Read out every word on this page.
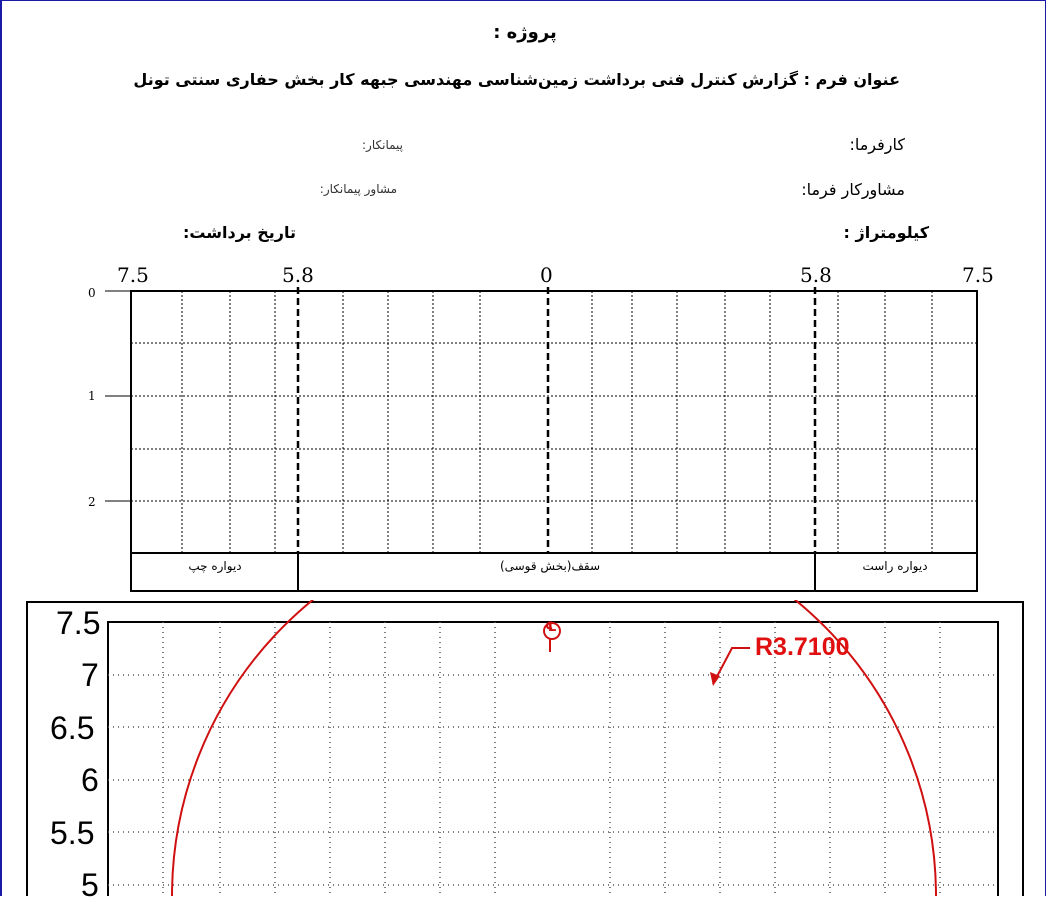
پروژه :
عنوان فرم : گزارش کنترل فنی برداشت زمین‌شناسی مهندسی جبهه کار بخش حفاری سنتی تونل
کارفرما:
پیمانکار:
مشاورکار فرما:
مشاور پیمانکار:
کیلومتراژ :
تاریخ برداشت:
7.5	5.8	0	5.8	7.5
0
1
2
دیواره چپ	سقف(بخش قوسی)	دیواره راست
℄
R3.7100
7.5
7
6.5
6
5.5
5
